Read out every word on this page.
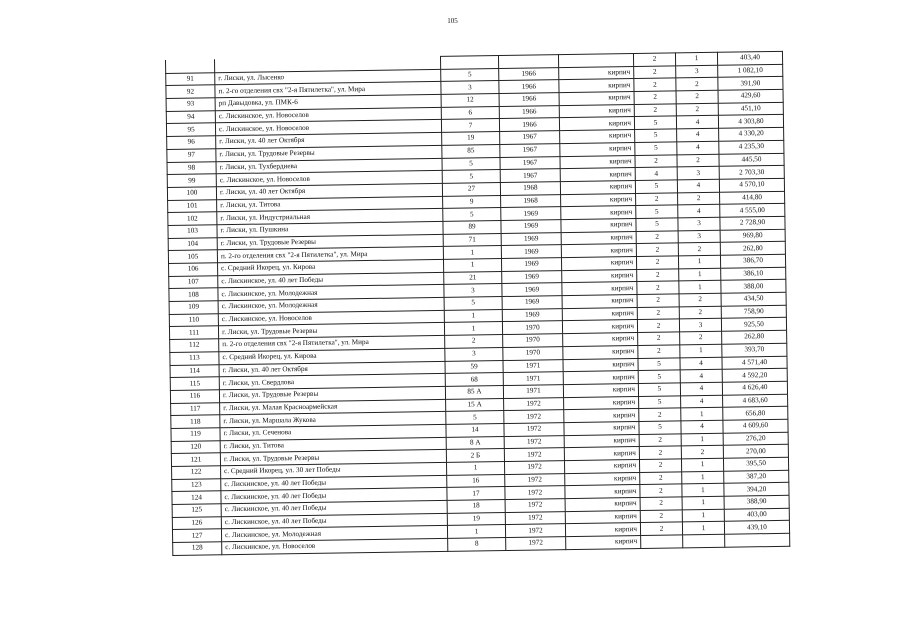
105
					2	1	403,40
91	г. Лиски, ул. Лысенко	5	1966	кирпич	2	3	1 082,10
92	п. 2-го отделения свх "2-я Пятилетка", ул. Мира	3	1966	кирпич	2	2	391,90
93	рп Давыдовка, ул. ПМК-6	12	1966	кирпич	2	2	429,60
94	с. Лискинское, ул. Новоселов	6	1966	кирпич	2	2	451,10
95	с. Лискинское, ул. Новоселов	7	1966	кирпич	5	4	4 303,80
96	г. Лиски, ул. 40 лет Октября	19	1967	кирпич	5	4	4 330,20
97	г. Лиски, ул. Трудовые Резервы	85	1967	кирпич	5	4	4 235,30
98	г. Лиски, ул. Тухбердиева	5	1967	кирпич	2	2	445,50
99	с. Лискинское, ул. Новоселов	5	1967	кирпич	4	3	2 703,30
100	г. Лиски, ул. 40 лет Октября	27	1968	кирпич	5	4	4 570,10
101	г. Лиски, ул. Титова	9	1968	кирпич	2	2	414,80
102	г. Лиски, ул. Индустриальная	5	1969	кирпич	5	4	4 555,00
103	г. Лиски, ул. Пушкина	89	1969	кирпич	5	3	2 728,90
104	г. Лиски, ул. Трудовые Резервы	71	1969	кирпич	2	3	969,80
105	п. 2-го отделения свх "2-я Пятилетка", ул. Мира	1	1969	кирпич	2	2	262,80
106	с. Средний Икорец, ул. Кирова	1	1969	кирпич	2	1	386,70
107	с. Лискинское, ул. 40 лет Победы	21	1969	кирпич	2	1	386,10
108	с. Лискинское, ул. Молодежная	3	1969	кирпич	2	1	388,00
109	с. Лискинское, ул. Молодежная	5	1969	кирпич	2	2	434,50
110	с. Лискинское, ул. Новоселов	1	1969	кирпич	2	2	758,90
111	г. Лиски, ул. Трудовые Резервы	1	1970	кирпич	2	3	925,50
112	п. 2-го отделения свх "2-я Пятилетка", ул. Мира	2	1970	кирпич	2	2	262,80
113	с. Средний Икорец, ул. Кирова	3	1970	кирпич	2	1	393,70
114	г. Лиски, ул. 40 лет Октября	59	1971	кирпич	5	4	4 571,40
115	г. Лиски, ул. Свердлова	68	1971	кирпич	5	4	4 592,20
116	г. Лиски, ул. Трудовые Резервы	85 А	1971	кирпич	5	4	4 626,40
117	г. Лиски, ул. Малая Красноармейская	15 А	1972	кирпич	5	4	4 683,60
118	г. Лиски, ул. Маршала Жукова	5	1972	кирпич	2	1	656,80
119	г. Лиски, ул. Сеченова	14	1972	кирпич	5	4	4 609,60
120	г. Лиски, ул. Титова	8 А	1972	кирпич	2	1	276,20
121	г. Лиски, ул. Трудовые Резервы	2 Б	1972	кирпич	2	2	270,00
122	с. Средний Икорец, ул. 30 лет Победы	1	1972	кирпич	2	1	395,50
123	с. Лискинское, ул. 40 лет Победы	16	1972	кирпич	2	1	387,20
124	с. Лискинское, ул. 40 лет Победы	17	1972	кирпич	2	1	394,20
125	с. Лискинское, ул. 40 лет Победы	18	1972	кирпич	2	1	388,90
126	с. Лискинское, ул. 40 лет Победы	19	1972	кирпич	2	1	403,00
127	с. Лискинское, ул. Молодежная	1	1972	кирпич	2	1	439,10
128	с. Лискинское, ул. Новоселов	8	1972	кирпич			
